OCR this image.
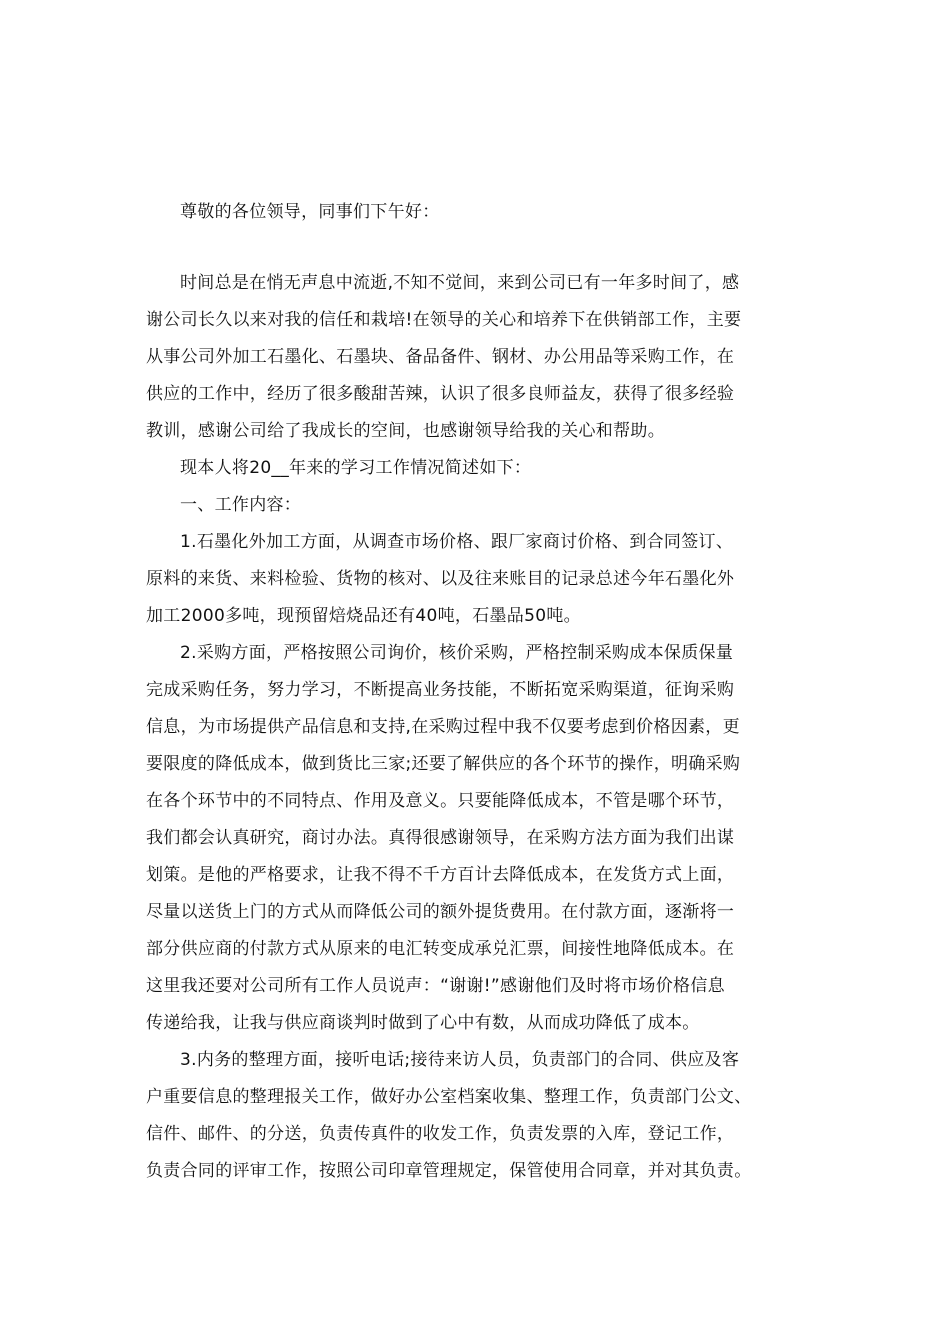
尊敬的各位领导，同事们下午好：
时间总是在悄无声息中流逝,不知不觉间，来到公司已有一年多时间了，感
谢公司长久以来对我的信任和栽培!在领导的关心和培养下在供销部工作，主要
从事公司外加工石墨化、石墨块、备品备件、钢材、办公用品等采购工作，在
供应的工作中，经历了很多酸甜苦辣，认识了很多良师益友，获得了很多经验
教训，感谢公司给了我成长的空间，也感谢领导给我的关心和帮助。
现本人将20__年来的学习工作情况简述如下：
一、工作内容：
1.石墨化外加工方面，从调查市场价格、跟厂家商讨价格、到合同签订、
原料的来货、来料检验、货物的核对、以及往来账目的记录总述今年石墨化外
加工2000多吨，现预留焙烧品还有40吨，石墨品50吨。
2.采购方面，严格按照公司询价，核价采购，严格控制采购成本保质保量
完成采购任务，努力学习，不断提高业务技能，不断拓宽采购渠道，征询采购
信息，为市场提供产品信息和支持,在采购过程中我不仅要考虑到价格因素，更
要限度的降低成本，做到货比三家;还要了解供应的各个环节的操作，明确采购
在各个环节中的不同特点、作用及意义。只要能降低成本，不管是哪个环节，
我们都会认真研究，商讨办法。真得很感谢领导，在采购方法方面为我们出谋
划策。是他的严格要求，让我不得不千方百计去降低成本，在发货方式上面，
尽量以送货上门的方式从而降低公司的额外提货费用。在付款方面，逐渐将一
部分供应商的付款方式从原来的电汇转变成承兑汇票，间接性地降低成本。在
这里我还要对公司所有工作人员说声：“谢谢!”感谢他们及时将市场价格信息
传递给我，让我与供应商谈判时做到了心中有数，从而成功降低了成本。
3.内务的整理方面，接听电话;接待来访人员，负责部门的合同、供应及客
户重要信息的整理报关工作，做好办公室档案收集、整理工作，负责部门公文、
信件、邮件、的分送，负责传真件的收发工作，负责发票的入库，登记工作，
负责合同的评审工作，按照公司印章管理规定，保管使用合同章，并对其负责。
